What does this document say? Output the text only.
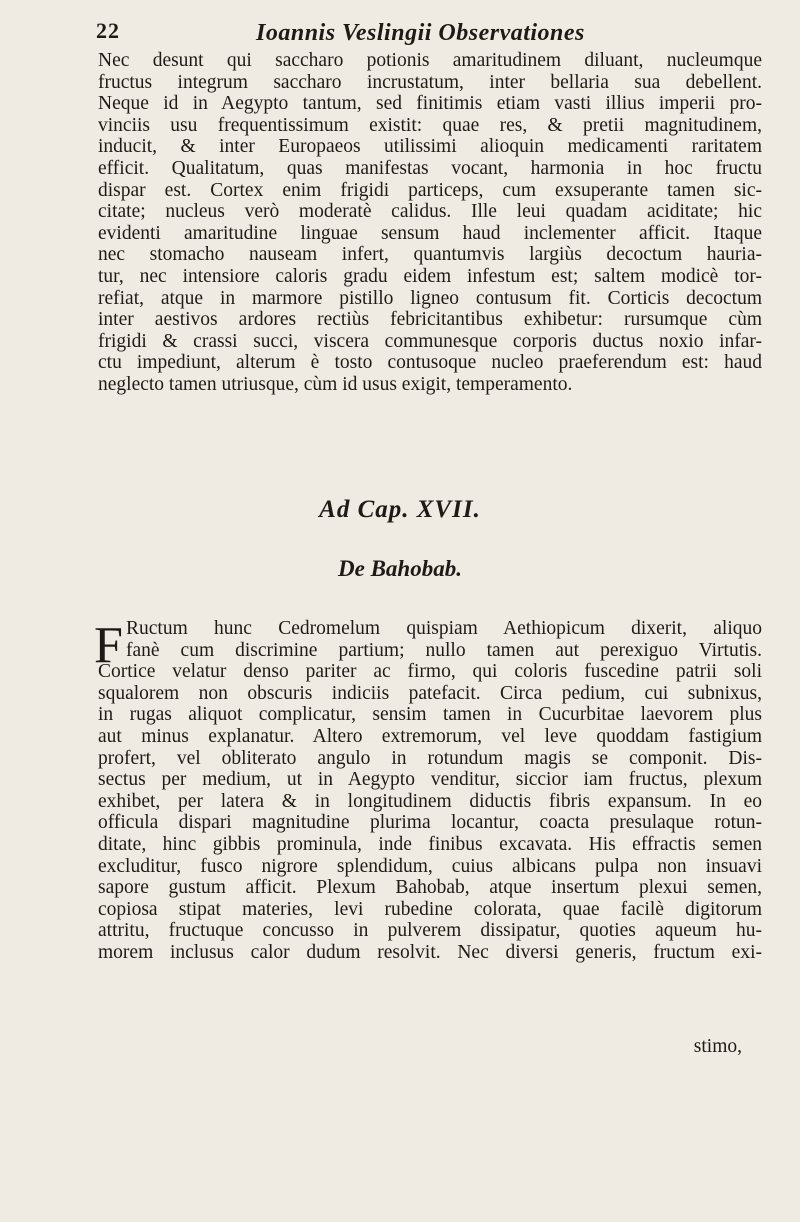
22	Ioannis Veslingii Observationes
Nec desunt qui saccharo potionis amaritudinem diluant, nucleumque
fructus integrum saccharo incrustatum, inter bellaria sua debellent.
Neque id in Aegypto tantum, sed finitimis etiam vasti illius imperii pro-
vinciis usu frequentissimum existit: quae res, & pretii magnitudinem,
inducit, & inter Europaeos utilissimi alioquin medicamenti raritatem
efficit. Qualitatum, quas manifestas vocant, harmonia in hoc fructu
dispar est. Cortex enim frigidi particeps, cum exsuperante tamen sic-
citate; nucleus verò moderatè calidus. Ille leui quadam aciditate; hic
evidenti amaritudine linguae sensum haud inclementer afficit. Itaque
nec stomacho nauseam infert, quantumvis largiùs decoctum hauria-
tur, nec intensiore caloris gradu eidem infestum est; saltem modicè tor-
refiat, atque in marmore pistillo ligneo contusum fit. Corticis decoctum
inter aestivos ardores rectiùs febricitantibus exhibetur: rursumque cùm
frigidi & crassi succi, viscera communesque corporis ductus noxio infar-
ctu impediunt, alterum è tosto contusoque nucleo praeferendum est: haud
neglecto tamen utriusque, cùm id usus exigit, temperamento.
Ad Cap. XVII.
De Bahobab.
F Ructum hunc Cedromelum quispiam Aethiopicum dixerit, aliquo
fanè cum discrimine partium; nullo tamen aut perexiguo Virtutis.
Cortice velatur denso pariter ac firmo, qui coloris fuscedine patrii soli
squalorem non obscuris indiciis patefacit. Circa pedium, cui subnixus,
in rugas aliquot complicatur, sensim tamen in Cucurbitae laevorem plus
aut minus explanatur. Altero extremorum, vel leve quoddam fastigium
profert, vel obliterato angulo in rotundum magis se componit. Dis-
sectus per medium, ut in Aegypto venditur, siccior iam fructus, plexum
exhibet, per latera & in longitudinem diductis fibris expansum. In eo
officula dispari magnitudine plurima locantur, coacta presulaque rotun-
ditate, hinc gibbis prominula, inde finibus excavata. His effractis semen
excluditur, fusco nigrore splendidum, cuius albicans pulpa non insuavi
sapore gustum afficit. Plexum Bahobab, atque insertum plexui semen,
copiosa stipat materies, levi rubedine colorata, quae facilè digitorum
attritu, fructuque concusso in pulverem dissipatur, quoties aqueum hu-
morem inclusus calor dudum resolvit. Nec diversi generis, fructum exi-
stimo,
